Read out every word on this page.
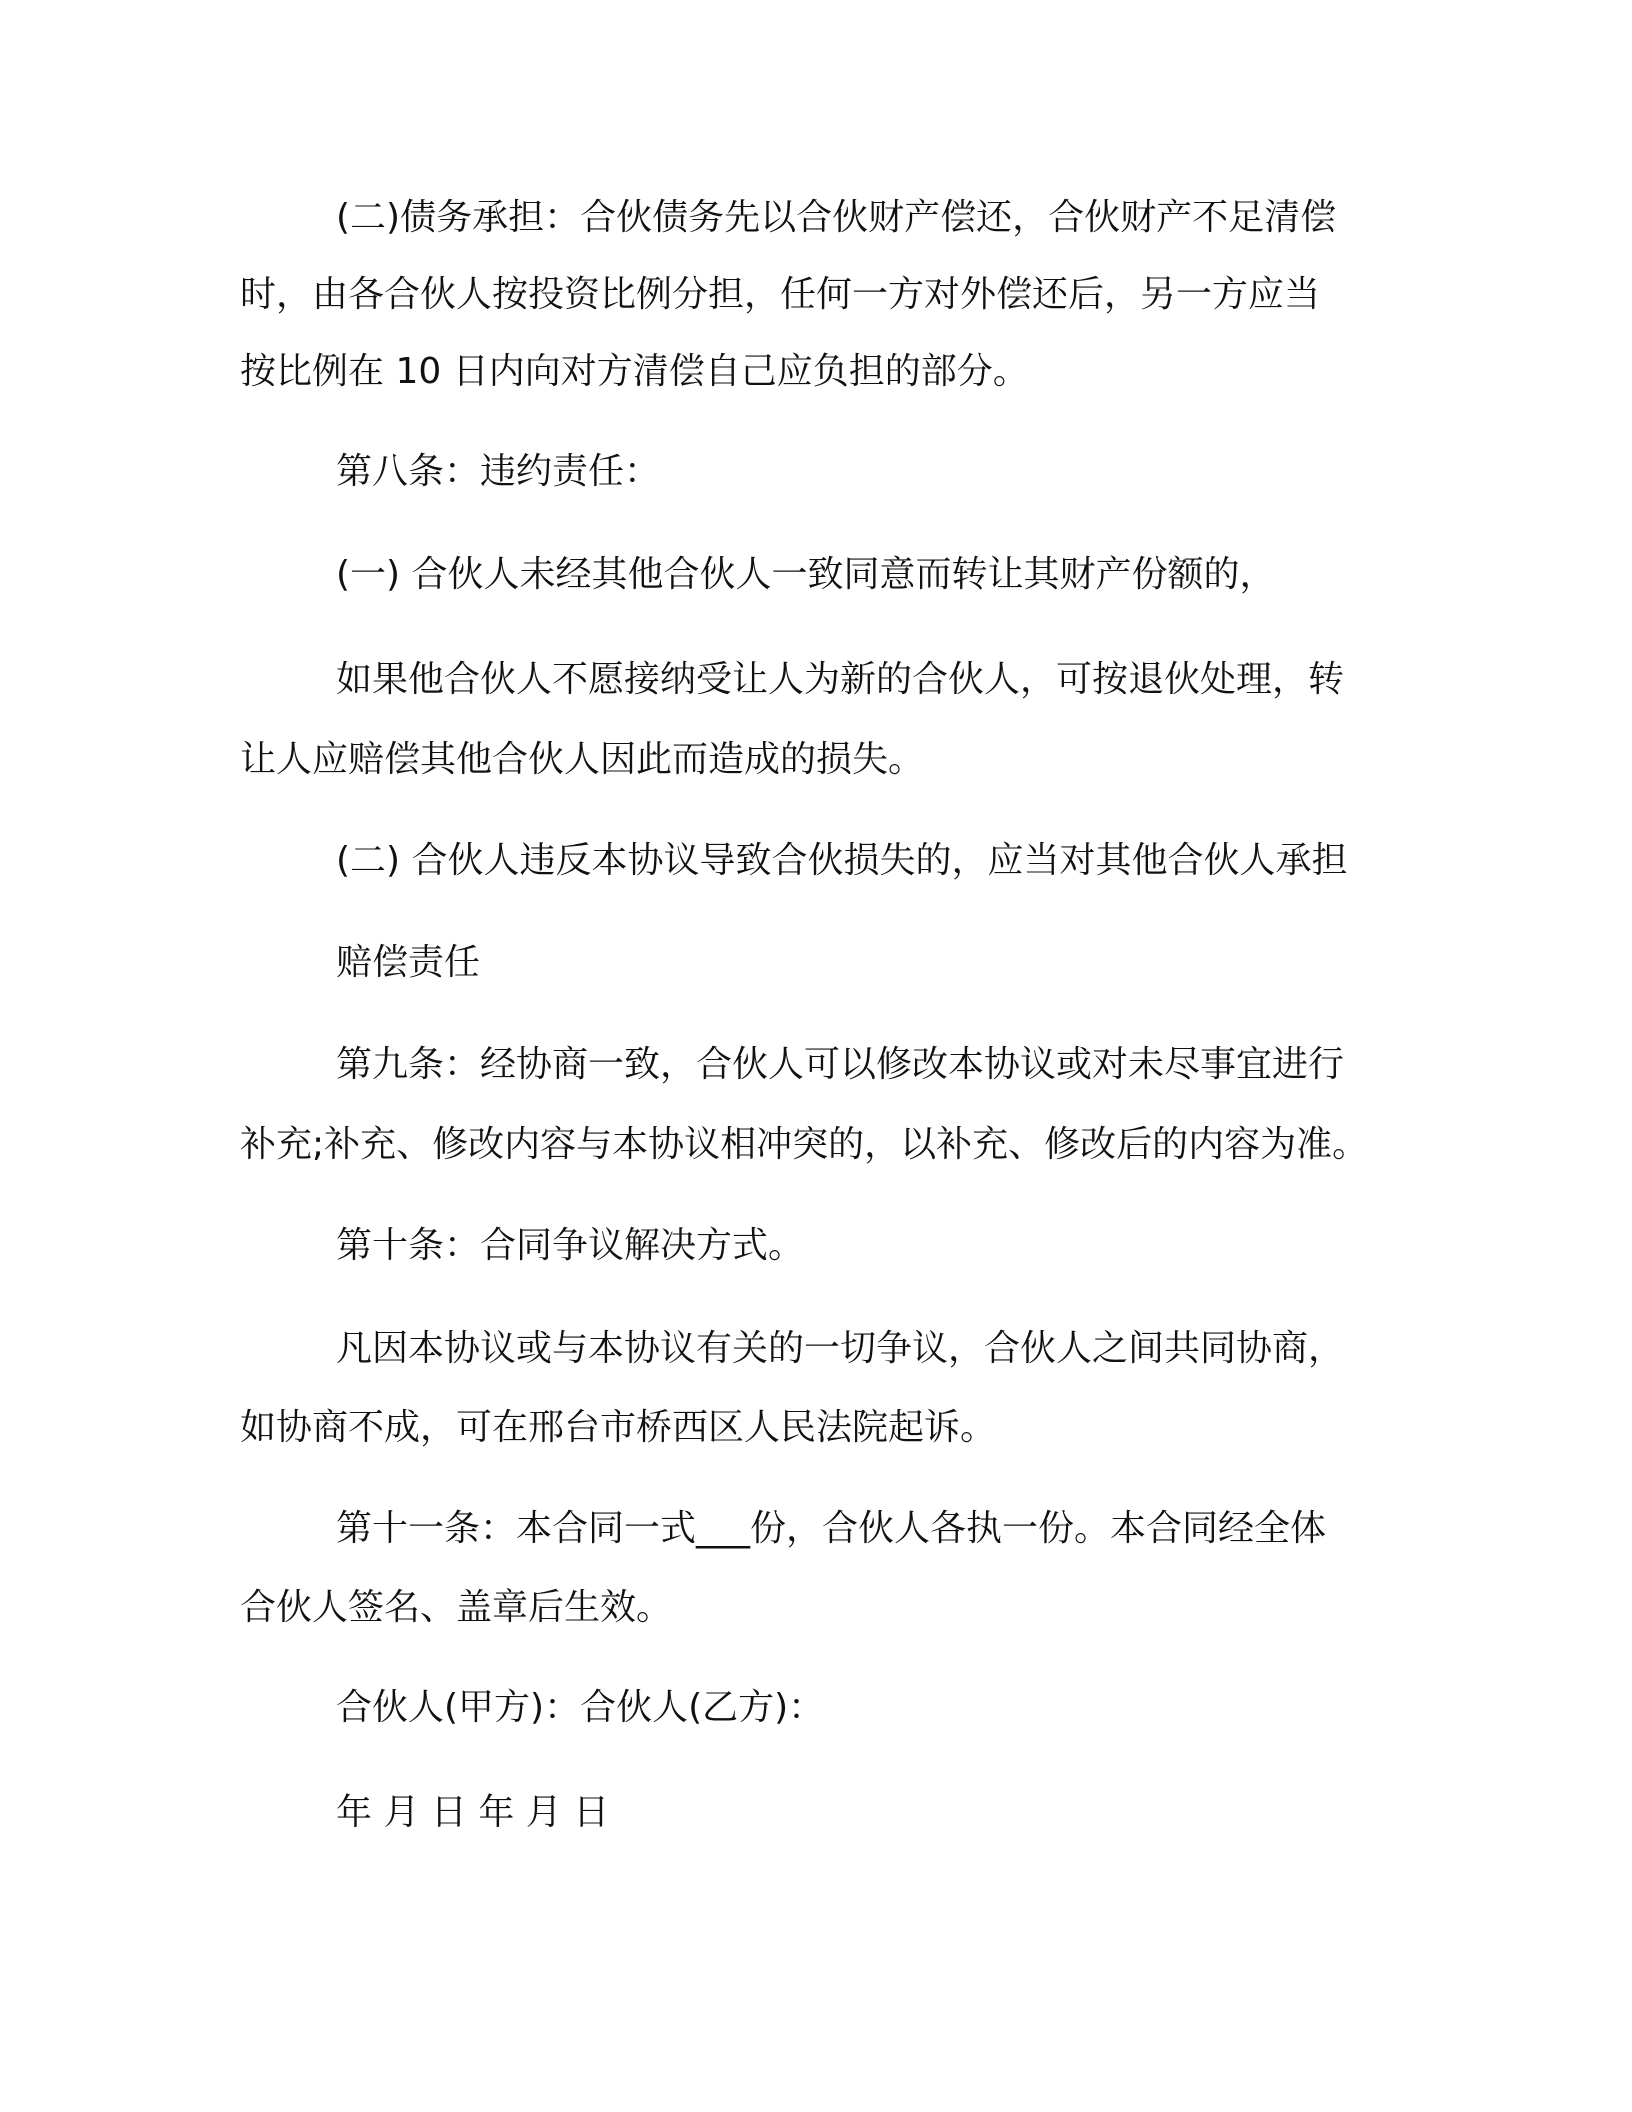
(二)债务承担：合伙债务先以合伙财产偿还，合伙财产不足清偿

时，由各合伙人按投资比例分担，任何一方对外偿还后，另一方应当

按比例在 10 日内向对方清偿自己应负担的部分。

第八条：违约责任：

(一) 合伙人未经其他合伙人一致同意而转让其财产份额的，

如果他合伙人不愿接纳受让人为新的合伙人，可按退伙处理，转

让人应赔偿其他合伙人因此而造成的损失。

(二) 合伙人违反本协议导致合伙损失的，应当对其他合伙人承担

赔偿责任

第九条：经协商一致，合伙人可以修改本协议或对未尽事宜进行

补充;补充、修改内容与本协议相冲突的，以补充、修改后的内容为准。

第十条：合同争议解决方式。

凡因本协议或与本协议有关的一切争议，合伙人之间共同协商，

如协商不成，可在邢台市桥西区人民法院起诉。

第十一条：本合同一式___份，合伙人各执一份。本合同经全体

合伙人签名、盖章后生效。

合伙人(甲方)：合伙人(乙方)：

年 月 日 年 月 日
